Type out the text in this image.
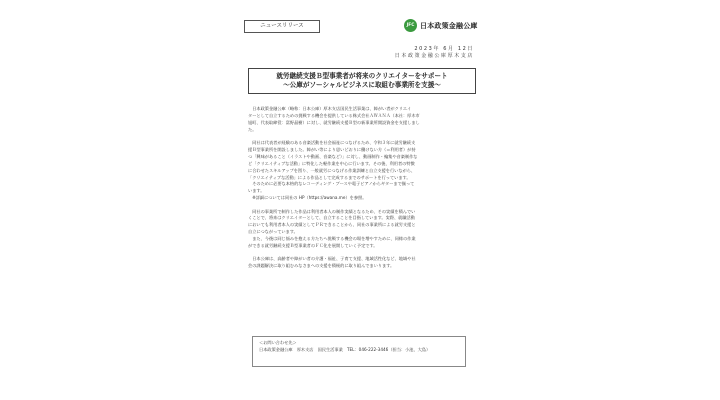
ニュースリリース	JFC 日本政策金融公庫
2023年 6月 12日
日本政策金融公庫厚木支店
就労継続支援Ｂ型事業者が将来のクリエイターをサポート
～公庫がソーシャルビジネスに取組む事業所を支援～
　日本政策金融公庫（略称：日本公庫）厚木支店国民生活事業は、障がい者がクリエイ
ターとして自立するための挑戦する機会を提供している株式会社ＡＷＡＮＡ（本社：厚木市
旭町、代表取締役：富野晶樹）に対し、就労継続支援Ｂ型の新事業所開設資金を支援しまし
た。
　同社は代表者が経験のある音楽活動を社会福祉につなげるため、令和３年に就労継続支
援Ｂ型事業所を開設しました。障がい等により思いどおりに働けない方（＝利用者）が持
つ「興味があること（イラストや動画、音楽など）」に対し、動画制作・編集や音楽制作な
ど「クリエイティブな活動」に特化した軽作業を中心に行います。その後、利用者の特徴
に合わせたスキルアップを図り、一般就労につなげる作業訓練と自立支援を行いながら、
「クリエイティブな活動」による作品として完成するまでのサポートを行っています。
　そのために必要な本格的なレコーディング・ブースや電子ピアノからギターまで揃って
います。
　※詳細については同社の HP（https://awana.me）を参照。
　同社の事業所で制作した作品は利用者本人の制作実績となるため、その実績を積んでい
くことで、将来はクリエイターとして、自立することを目指しています。実際、就職活動
においても利用者本人の実績としてＰＲできることから、同社の事業所による就労支援と
自立につながっています。
　また、今後は同じ悩みを抱える方たちへ挑戦する機会の場を増やすために、同様の作業
ができる就労継続支援Ｂ型事業者のＦＣ化を展開していく予定です。
　日本公庫は、高齢者や障がい者の介護・福祉、子育て支援、地域活性化など、地域や社
会の課題解決に取り組むみなさまへの支援を積極的に取り組んでまいります。
＜お問い合わせ先＞
日本政策金融公庫　厚木支店　国民生活事業　TEL：046-222-3446（担当：小池、大島）
